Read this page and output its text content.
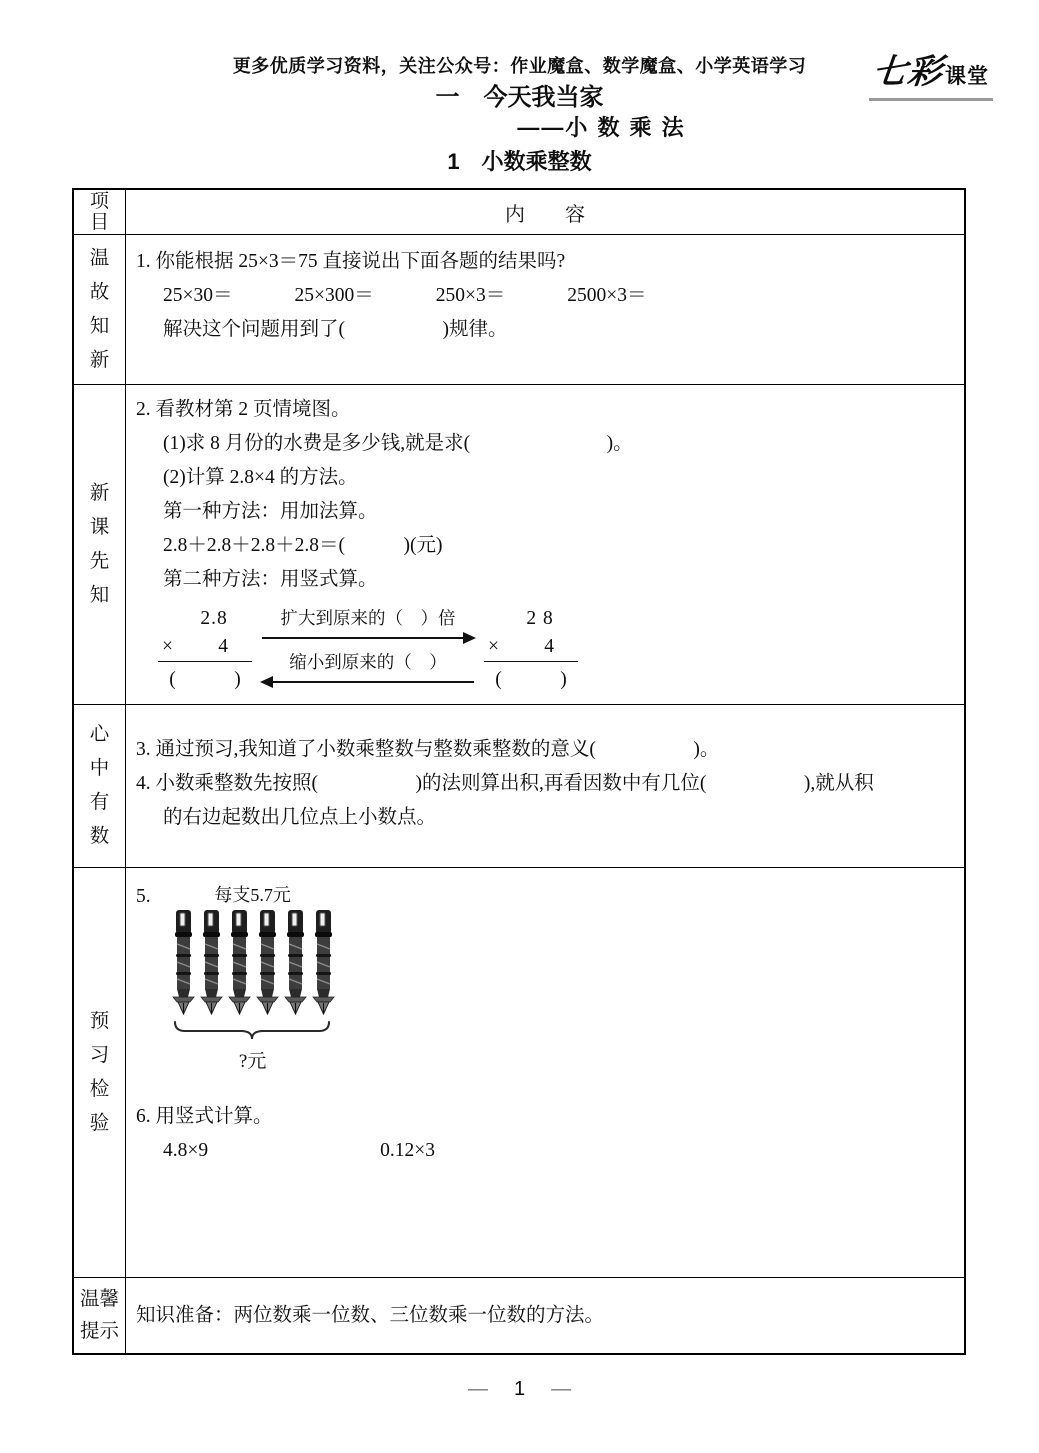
更多优质学习资料，关注公众号：作业魔盒、数学魔盒、小学英语学习	七彩 课堂
一　今天我当家
——小 数 乘 法
1　小数乘整数
项目	内　　容
温故知新
1. 你能根据 25×3＝75 直接说出下面各题的结果吗?
25×30＝	25×300＝	250×3＝	2500×3＝
解决这个问题用到了(　　　　　)规律。
新课先知
2. 看教材第 2 页情境图。
(1)求 8 月份的水费是多少钱,就是求(　　　　　　　)。
(2)计算 2.8×4 的方法。
第一种方法：用加法算。
2.8＋2.8＋2.8＋2.8＝(　　　)(元)
第二种方法：用竖式算。
2.8
× 4
(　　　)
扩大到原来的（　）倍
缩小到原来的（　）
2 8
× 4
(　　　)
心中有数
3. 通过预习,我知道了小数乘整数与整数乘整数的意义(　　　　　)。
4. 小数乘整数先按照(　　　　　)的法则算出积,再看因数中有几位(　　　　　),就从积
的右边起数出几位点上小数点。
预习检验
5.	每支5.7元
?元
6. 用竖式计算。
4.8×9	0.12×3
温馨提示
知识准备：两位数乘一位数、三位数乘一位数的方法。
— 1 —
